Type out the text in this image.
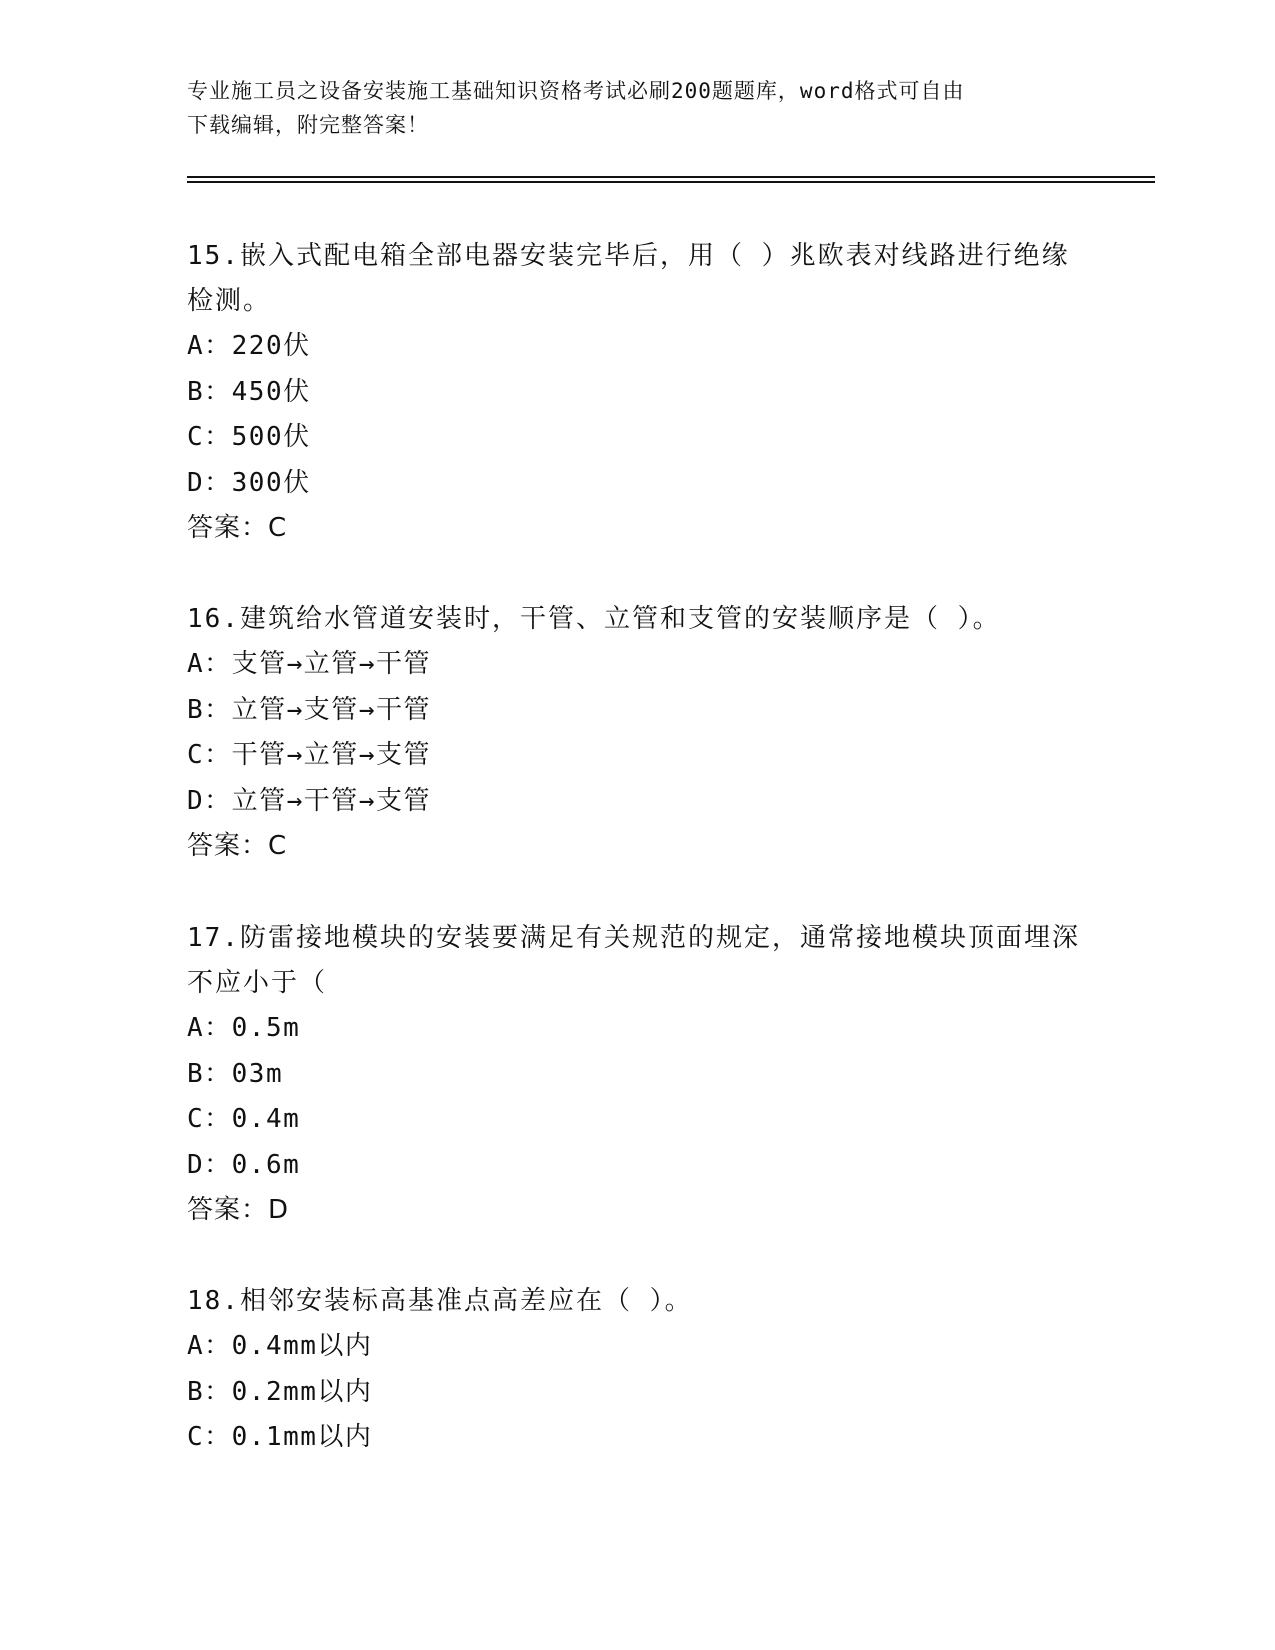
专业施工员之设备安装施工基础知识资格考试必刷200题题库，word格式可自由
下载编辑，附完整答案！
15.嵌入式配电箱全部电器安装完毕后，用（ ）兆欧表对线路进行绝缘检测。
A：220伏
B：450伏
C：500伏
D：300伏
答案：C
16.建筑给水管道安装时，干管、立管和支管的安装顺序是（ ）。
A：支管→立管→干管
B：立管→支管→干管
C：干管→立管→支管
D：立管→干管→支管
答案：C
17.防雷接地模块的安装要满足有关规范的规定，通常接地模块顶面埋深不应小于（
A：0.5m
B：03m
C：0.4m
D：0.6m
答案：D
18.相邻安装标高基准点高差应在（ ）。
A：0.4mm以内
B：0.2mm以内
C：0.1mm以内
